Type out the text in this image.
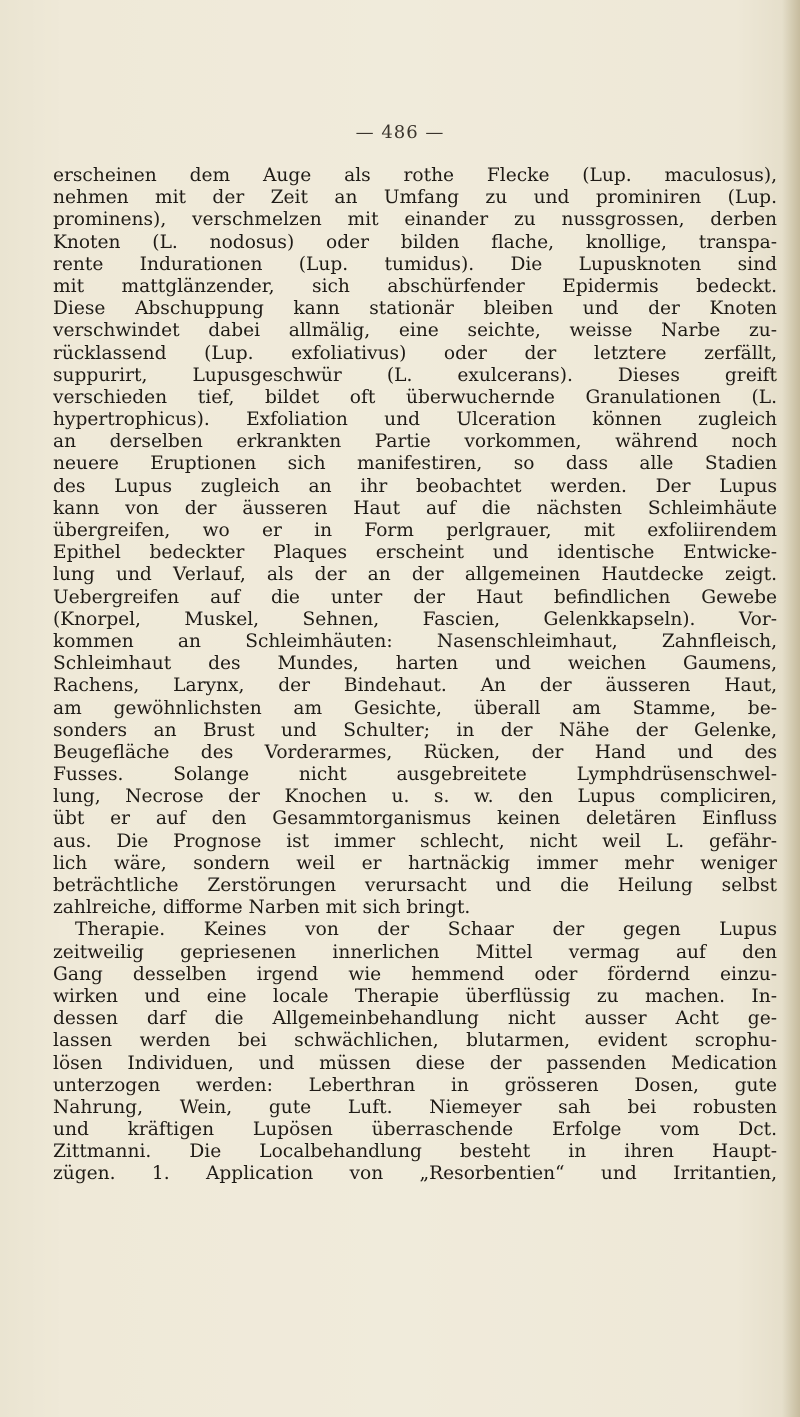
— 486 —
erscheinen dem Auge als rothe Flecke (Lup. maculosus),
nehmen mit der Zeit an Umfang zu und prominiren (Lup.
prominens), verschmelzen mit einander zu nussgrossen, derben
Knoten (L. nodosus) oder bilden flache, knollige, transpa-
rente Indurationen (Lup. tumidus). Die Lupusknoten sind
mit mattglänzender, sich abschürfender Epidermis bedeckt.
Diese Abschuppung kann stationär bleiben und der Knoten
verschwindet dabei allmälig, eine seichte, weisse Narbe zu-
rücklassend (Lup. exfoliativus) oder der letztere zerfällt,
suppurirt, Lupusgeschwür (L. exulcerans). Dieses greift
verschieden tief, bildet oft überwuchernde Granulationen (L.
hypertrophicus). Exfoliation und Ulceration können zugleich
an derselben erkrankten Partie vorkommen, während noch
neuere Eruptionen sich manifestiren, so dass alle Stadien
des Lupus zugleich an ihr beobachtet werden. Der Lupus
kann von der äusseren Haut auf die nächsten Schleimhäute
übergreifen, wo er in Form perlgrauer, mit exfoliirendem
Epithel bedeckter Plaques erscheint und identische Entwicke-
lung und Verlauf, als der an der allgemeinen Hautdecke zeigt.
Uebergreifen auf die unter der Haut befindlichen Gewebe
(Knorpel, Muskel, Sehnen, Fascien, Gelenkkapseln). Vor-
kommen an Schleimhäuten: Nasenschleimhaut, Zahnfleisch,
Schleimhaut des Mundes, harten und weichen Gaumens,
Rachens, Larynx, der Bindehaut. An der äusseren Haut,
am gewöhnlichsten am Gesichte, überall am Stamme, be-
sonders an Brust und Schulter; in der Nähe der Gelenke,
Beugefläche des Vorderarmes, Rücken, der Hand und des
Fusses. Solange nicht ausgebreitete Lymphdrüsenschwel-
lung, Necrose der Knochen u. s. w. den Lupus compliciren,
übt er auf den Gesammtorganismus keinen deletären Einfluss
aus. Die Prognose ist immer schlecht, nicht weil L. gefähr-
lich wäre, sondern weil er hartnäckig immer mehr weniger
beträchtliche Zerstörungen verursacht und die Heilung selbst
zahlreiche, difforme Narben mit sich bringt.
Therapie. Keines von der Schaar der gegen Lupus
zeitweilig gepriesenen innerlichen Mittel vermag auf den
Gang desselben irgend wie hemmend oder fördernd einzu-
wirken und eine locale Therapie überflüssig zu machen. In-
dessen darf die Allgemeinbehandlung nicht ausser Acht ge-
lassen werden bei schwächlichen, blutarmen, evident scrophu-
lösen Individuen, und müssen diese der passenden Medication
unterzogen werden: Leberthran in grösseren Dosen, gute
Nahrung, Wein, gute Luft. Niemeyer sah bei robusten
und kräftigen Lupösen überraschende Erfolge vom Dct.
Zittmanni. Die Localbehandlung besteht in ihren Haupt-
zügen. 1. Application von „Resorbentien“ und Irritantien,
